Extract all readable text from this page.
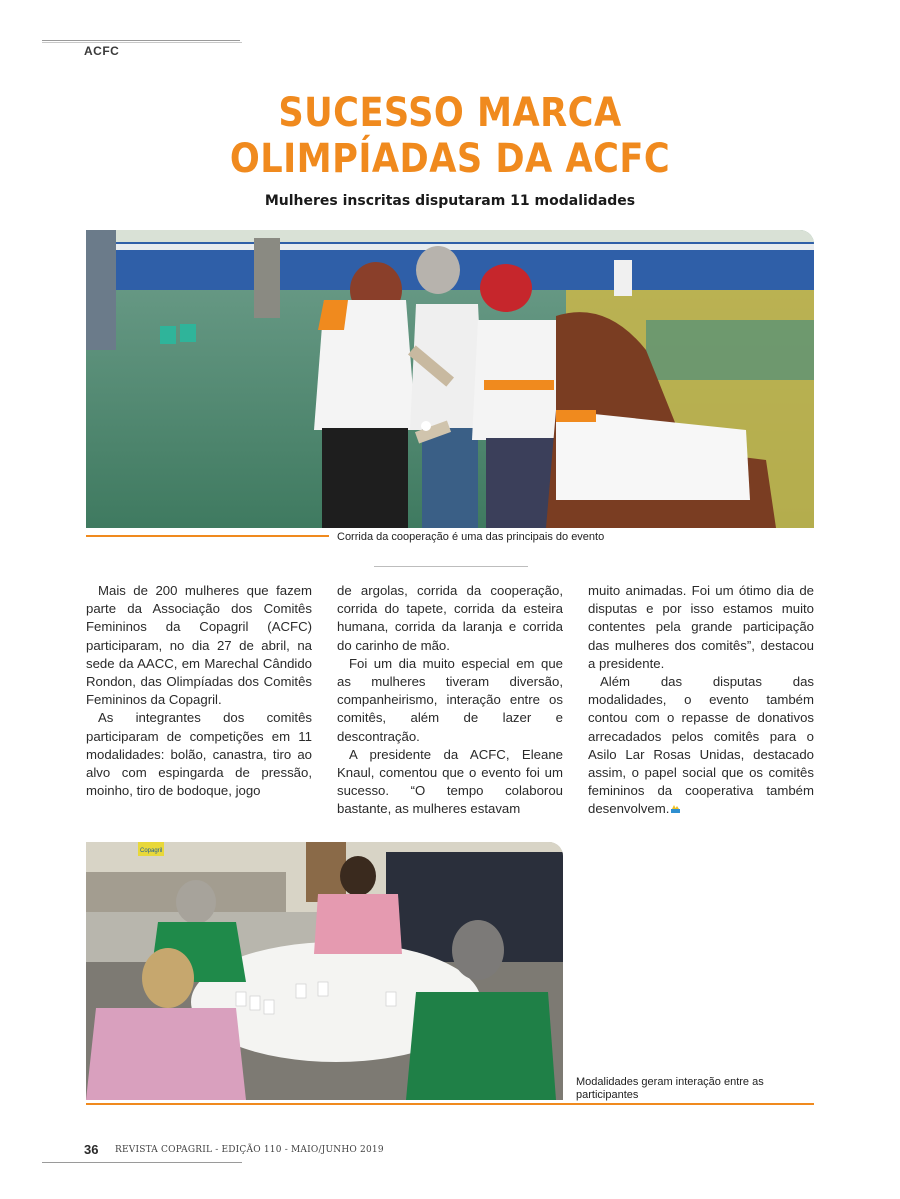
ACFC
SUCESSO MARCA
OLIMPÍADAS DA ACFC
Mulheres inscritas disputaram 11 modalidades
Corrida da cooperação é uma das principais do evento

Mais de 200 mulheres que fazem parte da Associação dos Comitês Femininos da Copagril (ACFC) participaram, no dia 27 de abril, na sede da AACC, em Marechal Cândido Rondon, das Olimpíadas dos Comitês Femininos da Copagril.

As integrantes dos comitês participaram de competições em 11 modalidades: bolão, canastra, tiro ao alvo com espingarda de pressão, moinho, tiro de bodoque, jogo

de argolas, corrida da cooperação, corrida do tapete, corrida da esteira humana, corrida da laranja e corrida do carinho de mão.

Foi um dia muito especial em que as mulheres tiveram diversão, companheirismo, interação entre os comitês, além de lazer e descontração.

A presidente da ACFC, Eleane Knaul, comentou que o evento foi um sucesso. “O tempo colaborou bastante, as mulheres estavam

muito animadas. Foi um ótimo dia de disputas e por isso estamos muito contentes pela grande participação das mulheres dos comitês”, destacou a presidente.

Além das disputas das modalidades, o evento também contou com o repasse de donativos arrecadados pelos comitês para o Asilo Lar Rosas Unidas, destacado assim, o papel social que os comitês femininos da cooperativa também desenvolvem.

Copagril
Modalidades geram interação entre as participantes
36 REVISTA COPAGRIL - EDIÇÃO 110 - MAIO/JUNHO 2019
